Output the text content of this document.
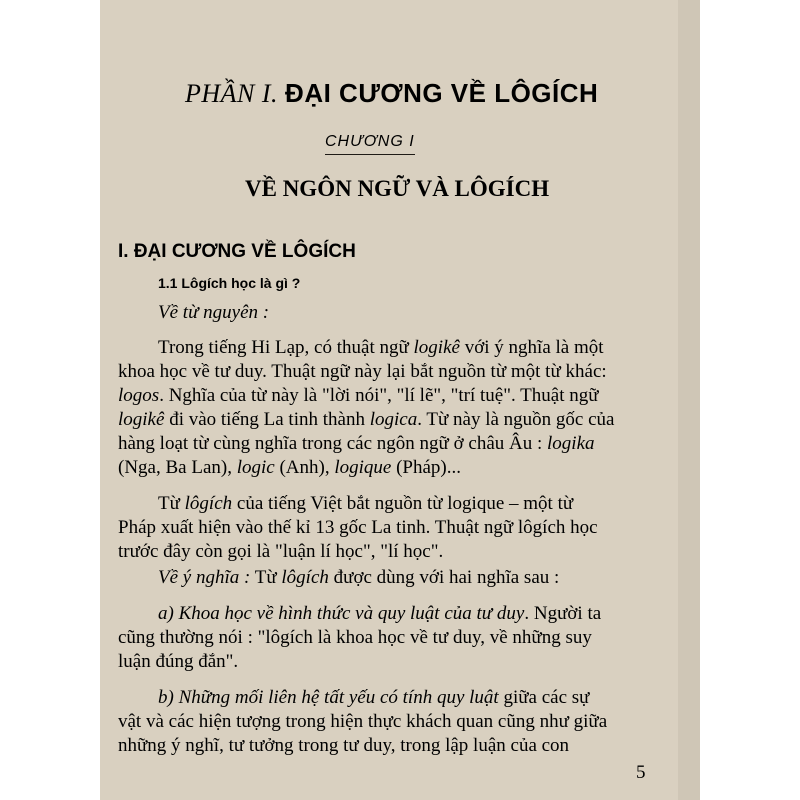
PHẦN I. ĐẠI CƯƠNG VỀ LÔGÍCH
CHƯƠNG I
VỀ NGÔN NGỮ VÀ LÔGÍCH
I. ĐẠI CƯƠNG VỀ LÔGÍCH
1.1 Lôgích học là gì ?
Về từ nguyên :
Trong tiếng Hi Lạp, có thuật ngữ logikê với ý nghĩa là một
khoa học về tư duy. Thuật ngữ này lại bắt nguồn từ một từ khác:
logos. Nghĩa của từ này là "lời nói", "lí lẽ", "trí tuệ". Thuật ngữ
logikê đi vào tiếng La tinh thành logica. Từ này là nguồn gốc của
hàng loạt từ cùng nghĩa trong các ngôn ngữ ở châu Âu : logika
(Nga, Ba Lan), logic (Anh), logique (Pháp)...
Từ lôgích của tiếng Việt bắt nguồn từ logique – một từ
Pháp xuất hiện vào thế kỉ 13 gốc La tinh. Thuật ngữ lôgích học
trước đây còn gọi là "luận lí học", "lí học".
Về ý nghĩa : Từ lôgích được dùng với hai nghĩa sau :
a) Khoa học về hình thức và quy luật của tư duy. Người ta
cũng thường nói : "lôgích là khoa học về tư duy, về những suy
luận đúng đắn".
b) Những mối liên hệ tất yếu có tính quy luật giữa các sự
vật và các hiện tượng trong hiện thực khách quan cũng như giữa
những ý nghĩ, tư tưởng trong tư duy, trong lập luận của con
5
